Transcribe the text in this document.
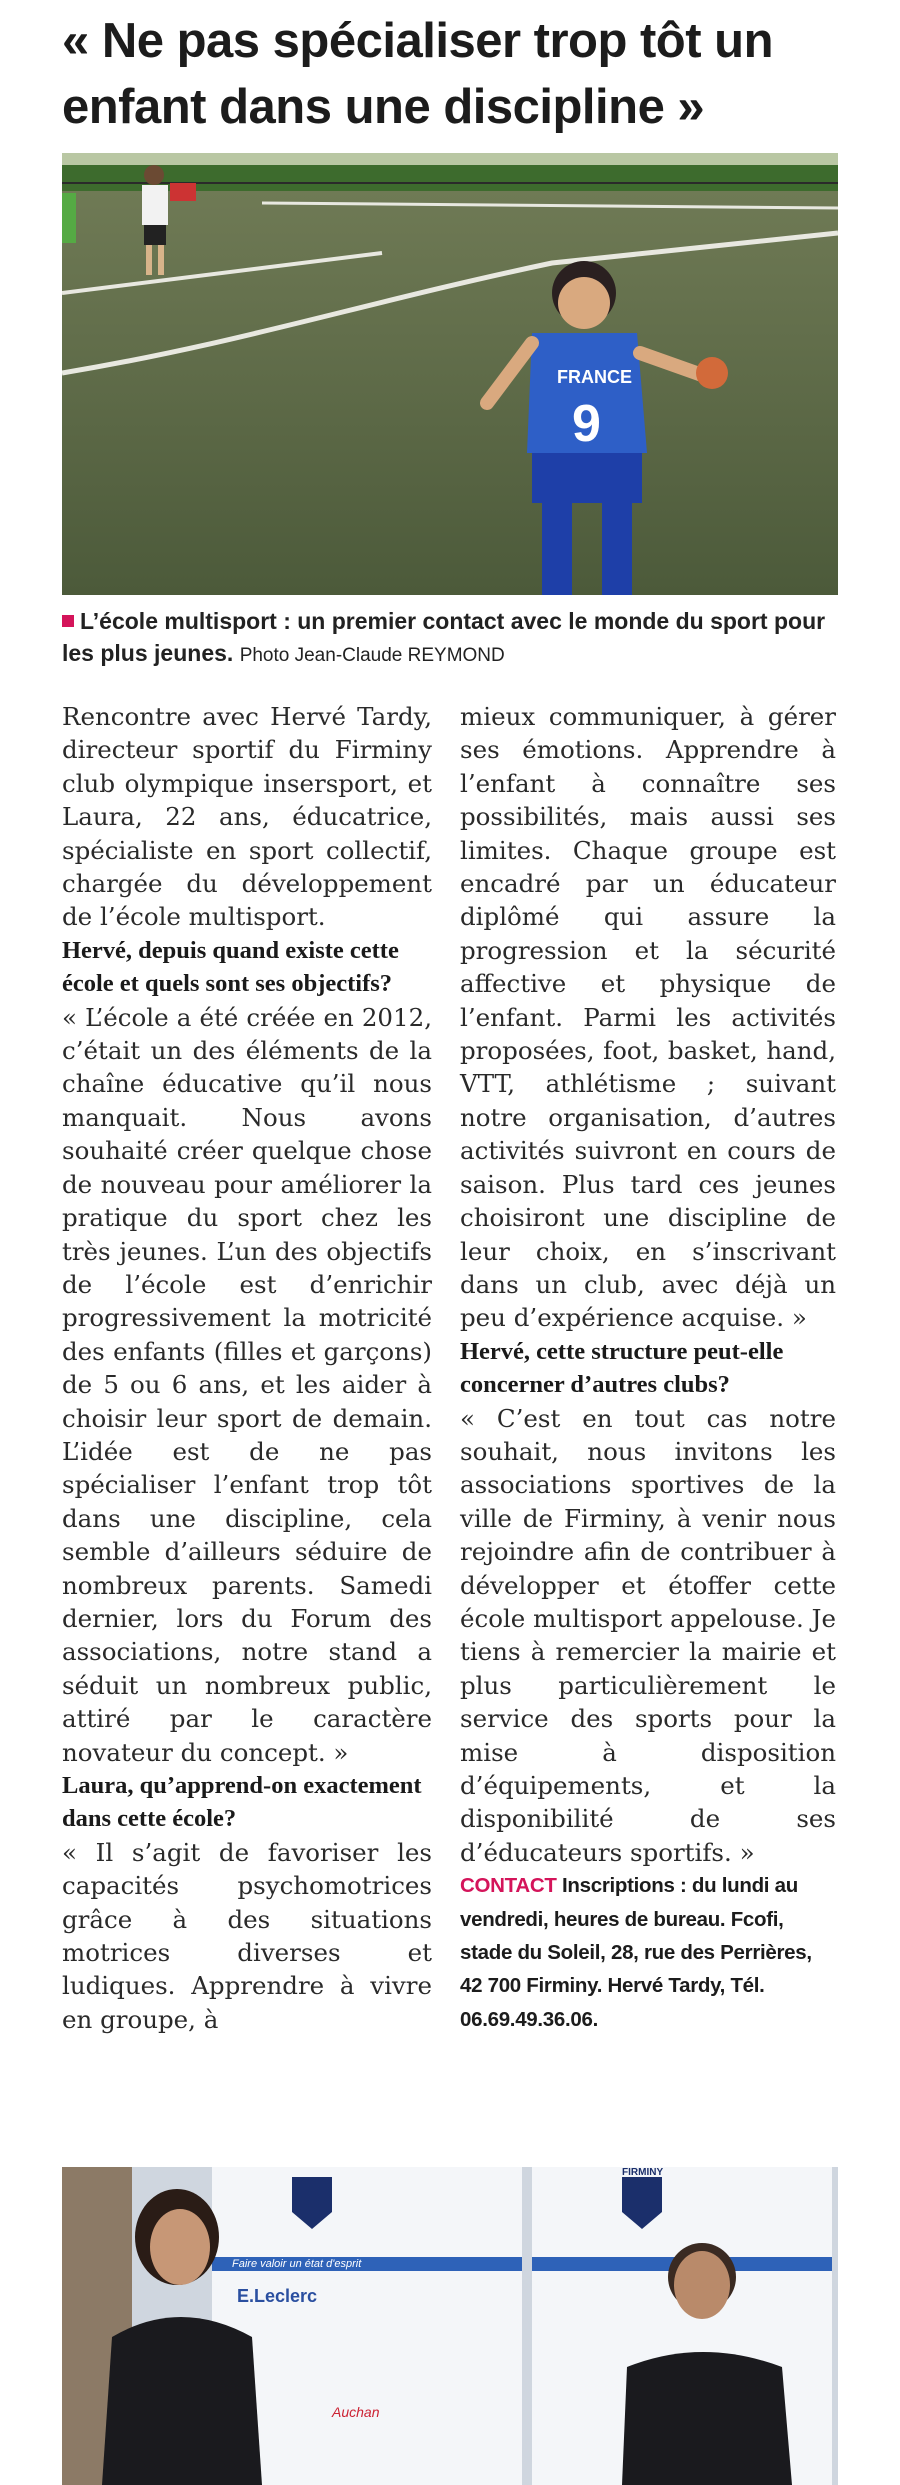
« Ne pas spécialiser trop tôt un enfant dans une discipline »
FRANCE
9
L’école multisport : un premier contact avec le monde du sport pour les plus jeunes. Photo Jean-Claude REYMOND

Rencontre avec Hervé Tardy, directeur sportif du Firminy club olympique insersport, et Laura, 22 ans, éducatrice, spécialiste en sport collectif, chargée du développement de l’école multisport.

Hervé, depuis quand existe cette école et quels sont ses objectifs?

« L’école a été créée en 2012, c’était un des éléments de la chaîne éducative qu’il nous manquait. Nous avons souhaité créer quelque chose de nouveau pour améliorer la pratique du sport chez les très jeunes. L’un des objectifs de l’école est d’enrichir progressivement la motricité des enfants (filles et garçons) de 5 ou 6 ans, et les aider à choisir leur sport de demain. L’idée est de ne pas spécialiser l’enfant trop tôt dans une discipline, cela semble d’ailleurs séduire de nombreux parents. Samedi dernier, lors du Forum des associations, notre stand a séduit un nombreux public, attiré par le caractère novateur du concept. »

Laura, qu’apprend-on exactement dans cette école?

« Il s’agit de favoriser les capacités psychomotrices grâce à des situations motrices diverses et ludiques. Apprendre à vivre en groupe, à

mieux communiquer, à gérer ses émotions. Apprendre à l’enfant à connaître ses possibilités, mais aussi ses limites. Chaque groupe est encadré par un éducateur diplômé qui assure la progression et la sécurité affective et physique de l’enfant. Parmi les activités proposées, foot, basket, hand, VTT, athlétisme ; suivant notre organisation, d’autres activités suivront en cours de saison. Plus tard ces jeunes choisiront une discipline de leur choix, en s’inscrivant dans un club, avec déjà un peu d’expérience acquise. »

Hervé, cette structure peut-elle concerner d’autres clubs?

« C’est en tout cas notre souhait, nous invitons les associations sportives de la ville de Firminy, à venir nous rejoindre afin de contribuer à développer et étoffer cette école multisport appelouse. Je tiens à remercier la mairie et plus particulièrement le service des sports pour la mise à disposition d’équipements, et la disponibilité de ses d’éducateurs sportifs. »

CONTACT Inscriptions : du lundi au vendredi, heures de bureau. Fcofi, stade du Soleil, 28, rue des Perrières, 42 700 Firminy. Hervé Tardy, Tél. 06.69.49.36.06.

FIRMINY
E.Leclerc
Auchan
Faire valoir un état d'esprit
